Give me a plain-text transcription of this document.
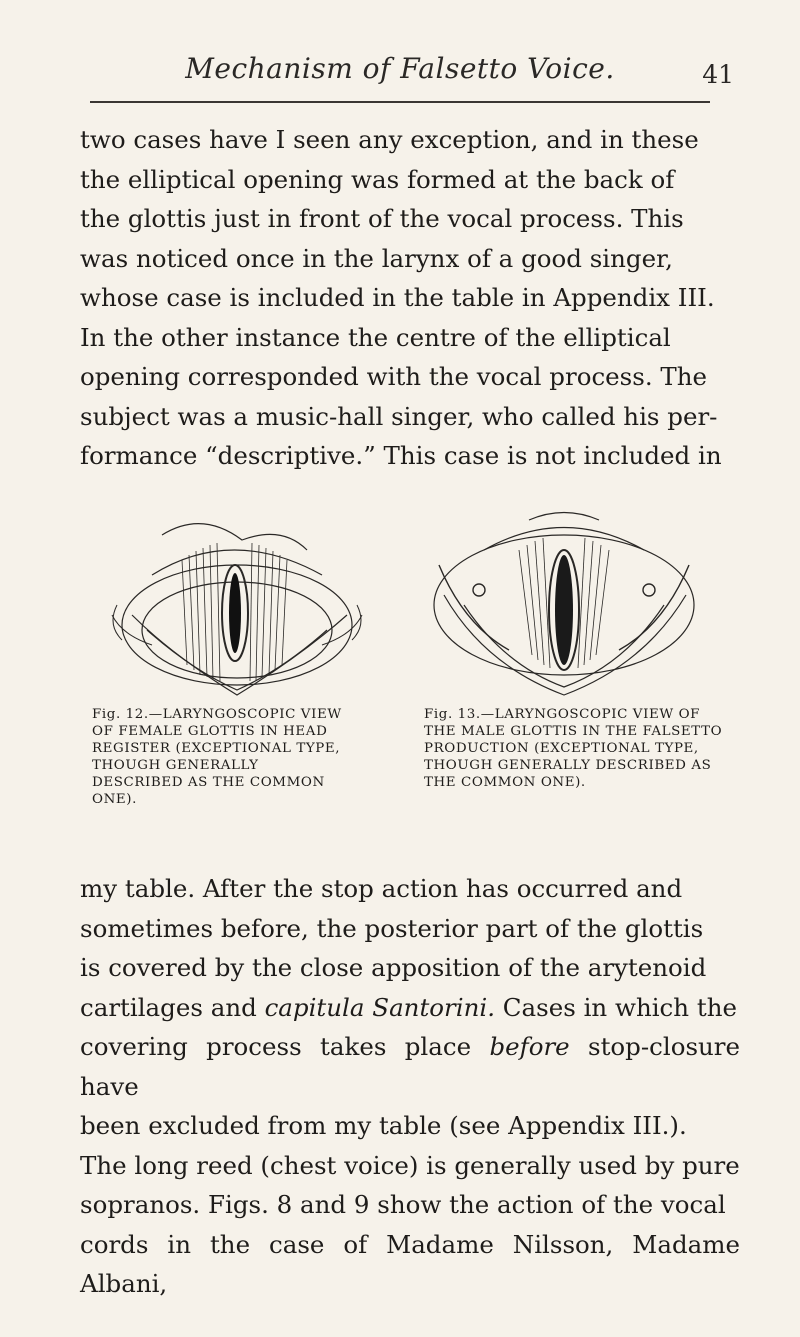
Mechanism of Falsetto Voice.	41
two cases have I seen any exception, and in these
the elliptical opening was formed at the back of
the glottis just in front of the vocal process. This
was noticed once in the larynx of a good singer,
whose case is included in the table in Appendix III.
In the other instance the centre of the elliptical
opening corresponded with the vocal process. The
subject was a music-hall singer, who called his per-
formance “descriptive.” This case is not included in
Fig. 12.—LARYNGOSCOPIC VIEW OF FEMALE GLOTTIS IN HEAD REGISTER (EXCEPTIONAL TYPE, THOUGH GENERALLY DESCRIBED AS THE COMMON ONE).
Fig. 13.—LARYNGOSCOPIC VIEW OF THE MALE GLOTTIS IN THE FALSETTO PRODUCTION (EXCEPTIONAL TYPE, THOUGH GENERALLY DESCRIBED AS THE COMMON ONE).
my table. After the stop action has occurred and
sometimes before, the posterior part of the glottis
is covered by the close apposition of the arytenoid
cartilages and capitula Santorini. Cases in which the
covering process takes place before stop-closure have
been excluded from my table (see Appendix III.).
The long reed (chest voice) is generally used by pure
sopranos. Figs. 8 and 9 show the action of the vocal
cords in the case of Madame Nilsson, Madame Albani,
